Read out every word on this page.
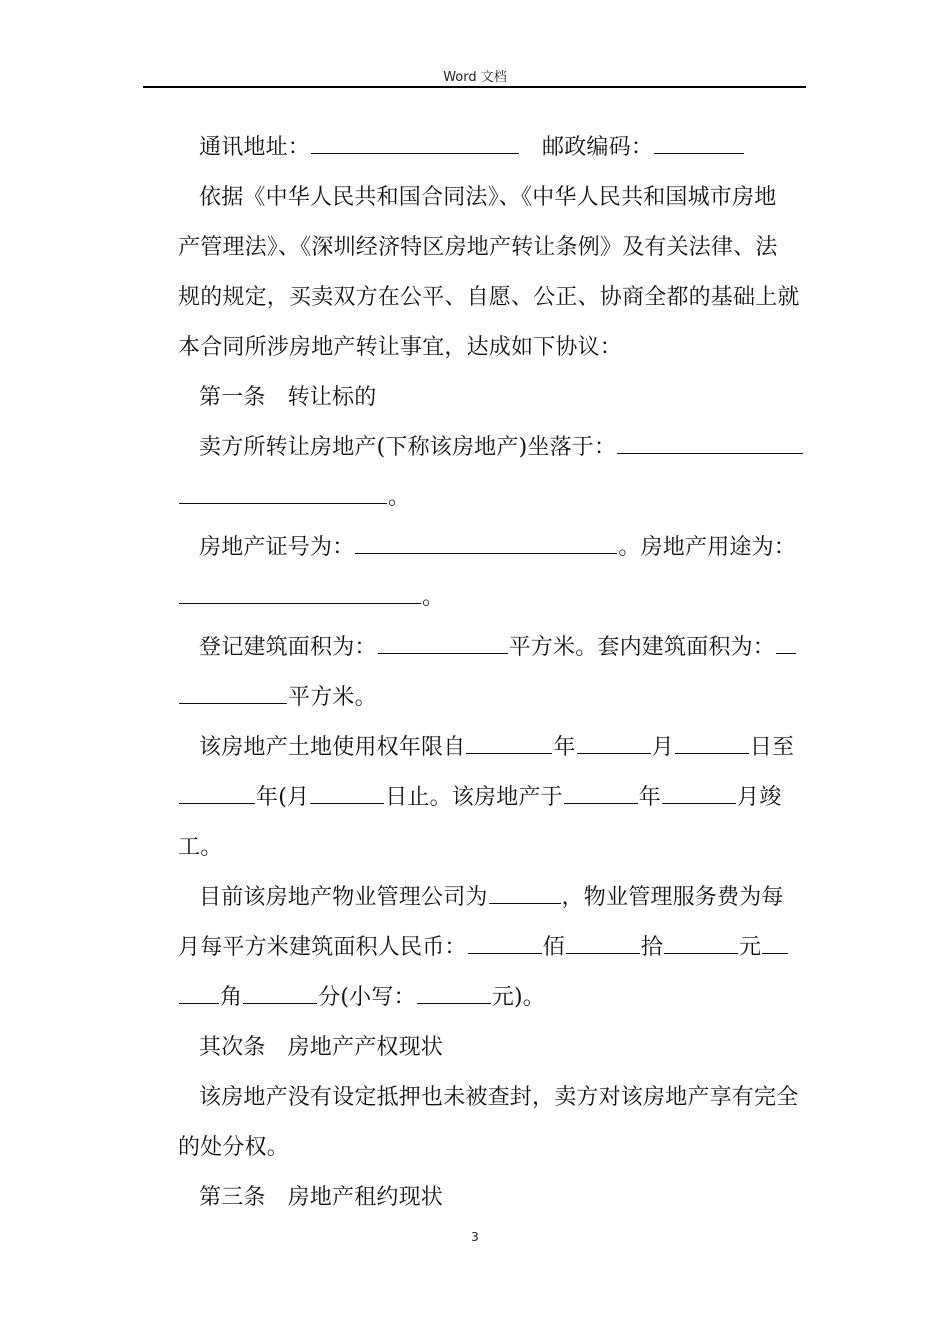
Word 文档
通讯地址：	邮政编码：
依据《中华人民共和国合同法》、《中华人民共和国城市房地
产管理法》、《深圳经济特区房地产转让条例》及有关法律、法
规的规定，买卖双方在公平、自愿、公正、协商全都的基础上就
本合同所涉房地产转让事宜，达成如下协议：
第一条 转让标的
卖方所转让房地产(下称该房地产)坐落于：
。
房地产证号为：	。房地产用途为：
。
登记建筑面积为：	平方米。套内建筑面积为：
平方米。
该房地产土地使用权年限自	年	月	日至
年(月	日止。该房地产于	年	月竣
工。
目前该房地产物业管理公司为	，物业管理服务费为每
月每平方米建筑面积人民币：	佰	拾	元
角	分(小写：	元)。
其次条 房地产产权现状
该房地产没有设定抵押也未被查封，卖方对该房地产享有完全
的处分权。
第三条 房地产租约现状
3
